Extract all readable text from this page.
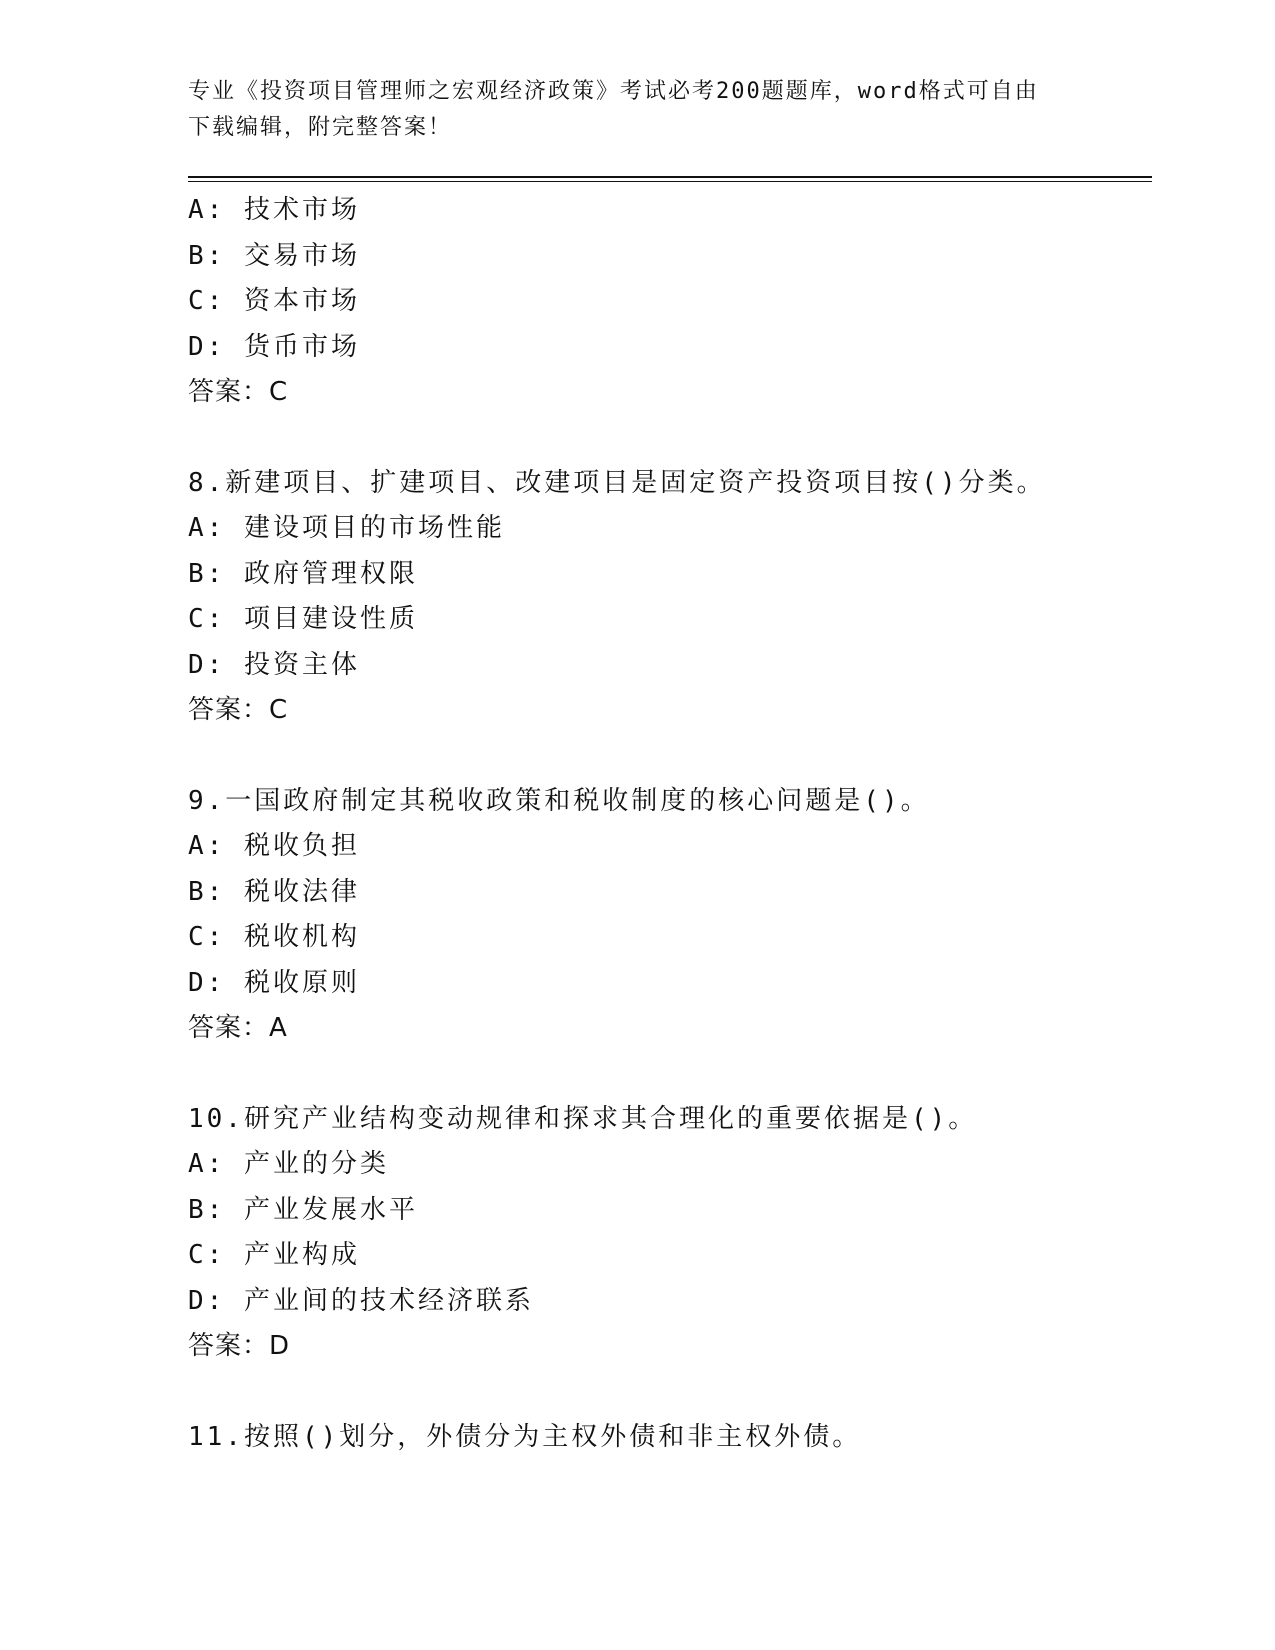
专业《投资项目管理师之宏观经济政策》考试必考200题题库，word格式可自由
下载编辑，附完整答案！
A: 技术市场
B: 交易市场
C: 资本市场
D: 货币市场
答案：C
8.新建项目、扩建项目、改建项目是固定资产投资项目按()分类。
A: 建设项目的市场性能
B: 政府管理权限
C: 项目建设性质
D: 投资主体
答案：C
9.一国政府制定其税收政策和税收制度的核心问题是()。
A: 税收负担
B: 税收法律
C: 税收机构
D: 税收原则
答案：A
10.研究产业结构变动规律和探求其合理化的重要依据是()。
A: 产业的分类
B: 产业发展水平
C: 产业构成
D: 产业间的技术经济联系
答案：D
11.按照()划分，外债分为主权外债和非主权外债。
